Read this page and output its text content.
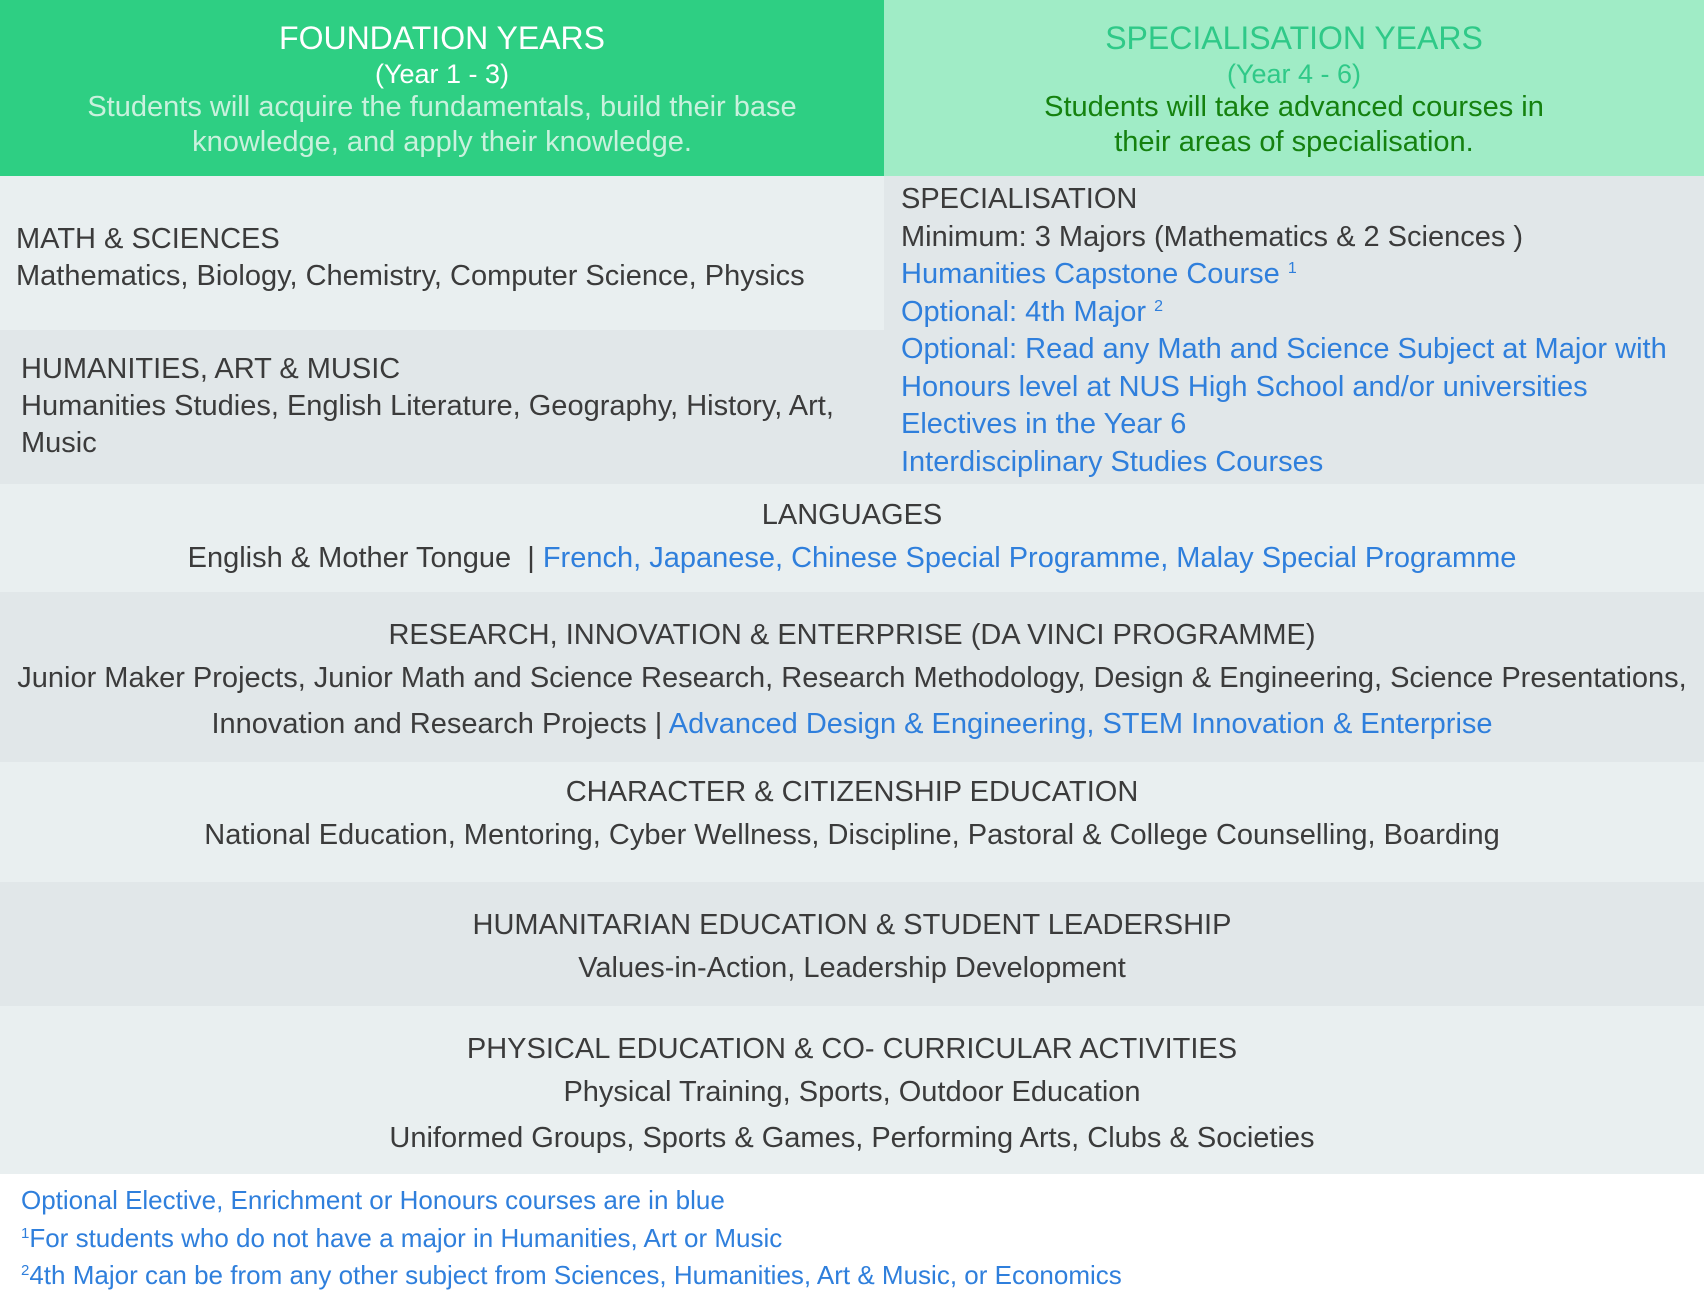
FOUNDATION YEARS
(Year 1 - 3)
Students will acquire the fundamentals, build their base knowledge, and apply their knowledge.
SPECIALISATION YEARS
(Year 4 - 6)
Students will take advanced courses in their areas of specialisation.
MATH & SCIENCES
Mathematics, Biology, Chemistry, Computer Science, Physics
HUMANITIES, ART & MUSIC
Humanities Studies, English Literature, Geography, History, Art, Music
SPECIALISATION
Minimum: 3 Majors (Mathematics & 2 Sciences )
Humanities Capstone Course $^1$
Optional: 4th Major $^2$
Optional: Read any Math and Science Subject at Major with
Honours level at NUS High School and/or universities
Electives in the Year 6
Interdisciplinary Studies Courses
LANGUAGES
English & Mother Tongue  | French, Japanese, Chinese Special Programme, Malay Special Programme
RESEARCH, INNOVATION & ENTERPRISE (DA VINCI PROGRAMME)
Junior Maker Projects, Junior Math and Science Research, Research Methodology, Design & Engineering, Science Presentations,
Innovation and Research Projects | Advanced Design & Engineering, STEM Innovation & Enterprise
CHARACTER & CITIZENSHIP EDUCATION
National Education, Mentoring, Cyber Wellness, Discipline, Pastoral & College Counselling, Boarding
HUMANITARIAN EDUCATION & STUDENT LEADERSHIP
Values-in-Action, Leadership Development
PHYSICAL EDUCATION & CO- CURRICULAR ACTIVITIES
Physical Training, Sports, Outdoor Education
Uniformed Groups, Sports & Games, Performing Arts, Clubs & Societies
Optional Elective, Enrichment or Honours courses are in blue
$^1$For students who do not have a major in Humanities, Art or Music
$^2$4th Major can be from any other subject from Sciences, Humanities, Art & Music, or Economics
